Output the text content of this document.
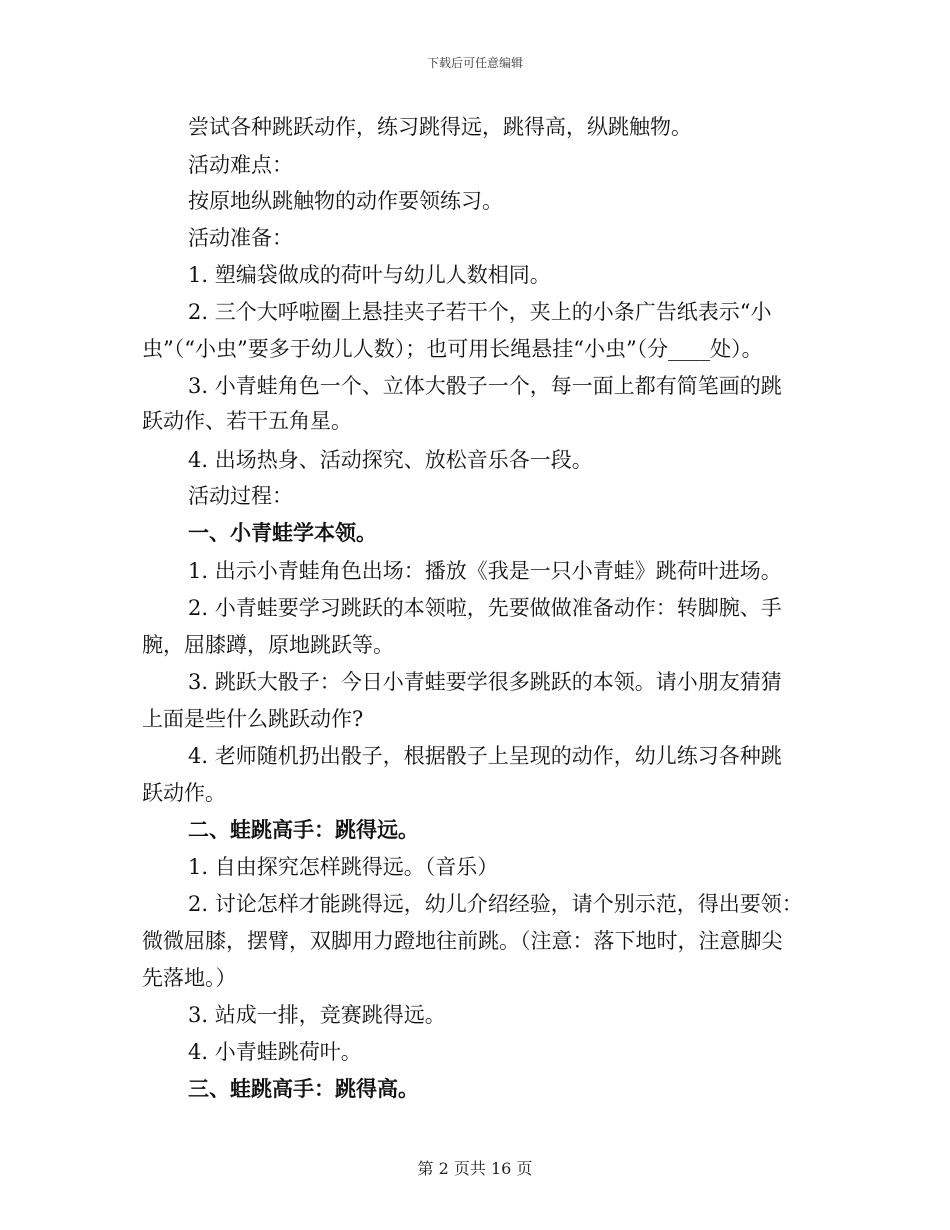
下载后可任意编辑
尝试各种跳跃动作，练习跳得远，跳得高，纵跳触物。
活动难点：
按原地纵跳触物的动作要领练习。
活动准备：
1. 塑编袋做成的荷叶与幼儿人数相同。
2. 三个大呼啦圈上悬挂夹子若干个，夹上的小条广告纸表示“小
虫”（“小虫”要多于幼儿人数）；也可用长绳悬挂“小虫”（分____处）。
3. 小青蛙角色一个、立体大骰子一个，每一面上都有简笔画的跳
跃动作、若干五角星。
4. 出场热身、活动探究、放松音乐各一段。
活动过程：
一、小青蛙学本领。
1. 出示小青蛙角色出场：播放《我是一只小青蛙》跳荷叶进场。
2. 小青蛙要学习跳跃的本领啦，先要做做准备动作：转脚腕、手
腕，屈膝蹲，原地跳跃等。
3. 跳跃大骰子：今日小青蛙要学很多跳跃的本领。请小朋友猜猜
上面是些什么跳跃动作?
4. 老师随机扔出骰子，根据骰子上呈现的动作，幼儿练习各种跳
跃动作。
二、蛙跳高手：跳得远。
1. 自由探究怎样跳得远。（音乐）
2. 讨论怎样才能跳得远，幼儿介绍经验，请个别示范，得出要领：
微微屈膝，摆臂，双脚用力蹬地往前跳。（注意：落下地时，注意脚尖
先落地。）
3. 站成一排，竞赛跳得远。
4. 小青蛙跳荷叶。
三、蛙跳高手：跳得高。
第 2 页共 16 页
